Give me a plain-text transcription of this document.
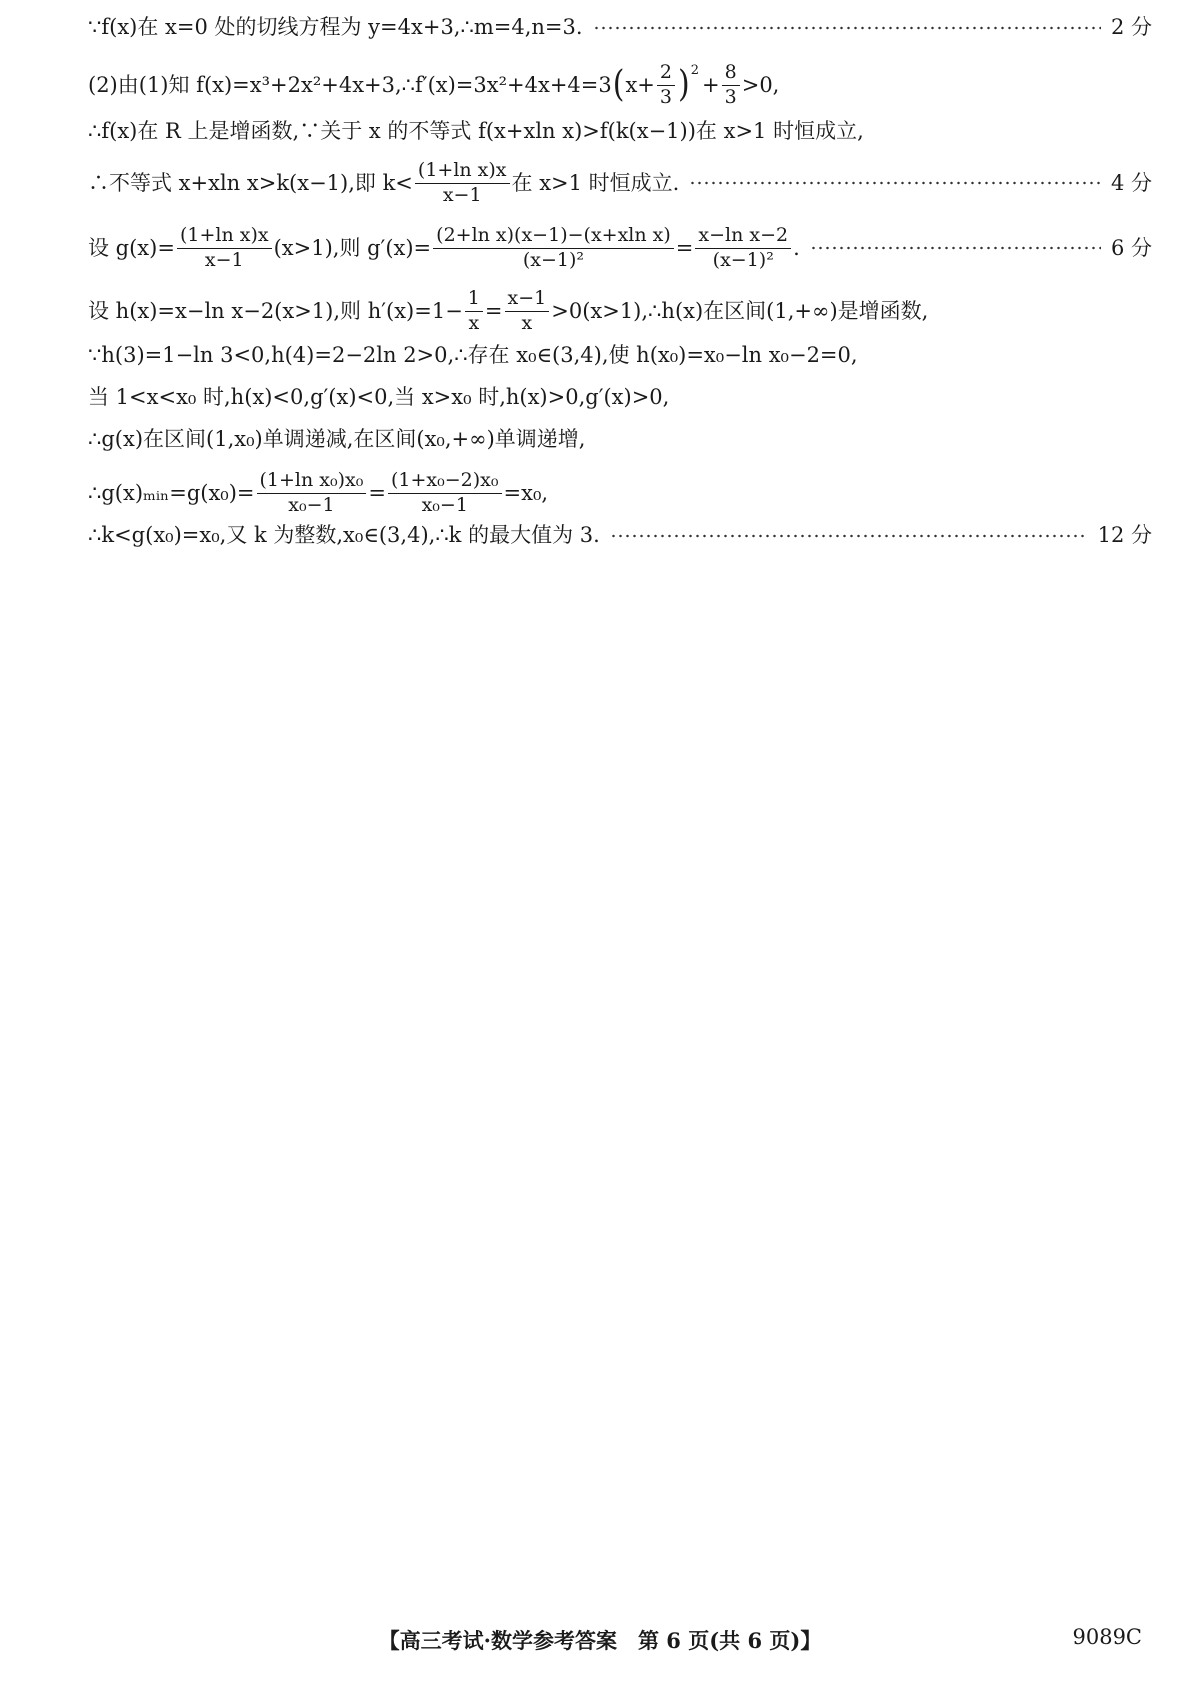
∵f(x)在 x=0 处的切线方程为 y=4x+3,∴m=4,n=3.	2 分
(2)由(1)知 f(x)=x³+2x²+4x+3,∴f′(x)=3x²+4x+4=3 ( $x+ \frac{2}{3}$ ) 2
+ $\frac{8}{3} >0$,
∴f(x)在 R 上是增函数,∵关于 x 的不等式 f(x+xln x)>f(k(x−1))在 x>1 时恒成立,
∴不等式 x+xln x>k(x−1),即 $k< \frac{\text{(1+ln x)x}}{x-1}$ 在 x>1 时恒成立.	4 分
设 $g(x)= \frac{\text{(1+ln x)x}}{x-1} (x>1)$,则 $g'(x)= \frac{\text{(2+ln x)(x−1)−(x+xln x)}}{\text{(x−1)²}} = \frac{\text{x−ln x−2}}{\text{(x−1)²}}$ .	6 分
设 h(x)=x−ln x−2(x>1),则 $h'(x)=1- \frac{1}{x} = \frac{x-1}{x}$ >0(x>1),∴h(x)在区间(1,+∞)是增函数,
∵h(3)=1−ln 3<0,h(4)=2−2ln 2>0,∴存在 x₀∈(3,4),使 h(x₀)=x₀−ln x₀−2=0,
当 1<x<x₀ 时,h(x)<0,g′(x)<0,当 x>x₀ 时,h(x)>0,g′(x)>0,
∴g(x)在区间(1,x₀)单调递减,在区间(x₀,+∞)单调递增,
∴g(x)ₘᵢₙ=g(x₀)= $\frac{\text{(1+ln x₀)x₀}}{\text{x₀−1}} = \frac{\text{(1+x₀−2)x₀}}{\text{x₀−1}} =x_0$,
∴k<g(x₀)=x₀,又 k 为整数,x₀∈(3,4),∴k 的最大值为 3.	12 分
【高三考试·数学参考答案　第 6 页(共 6 页)】	9089C
